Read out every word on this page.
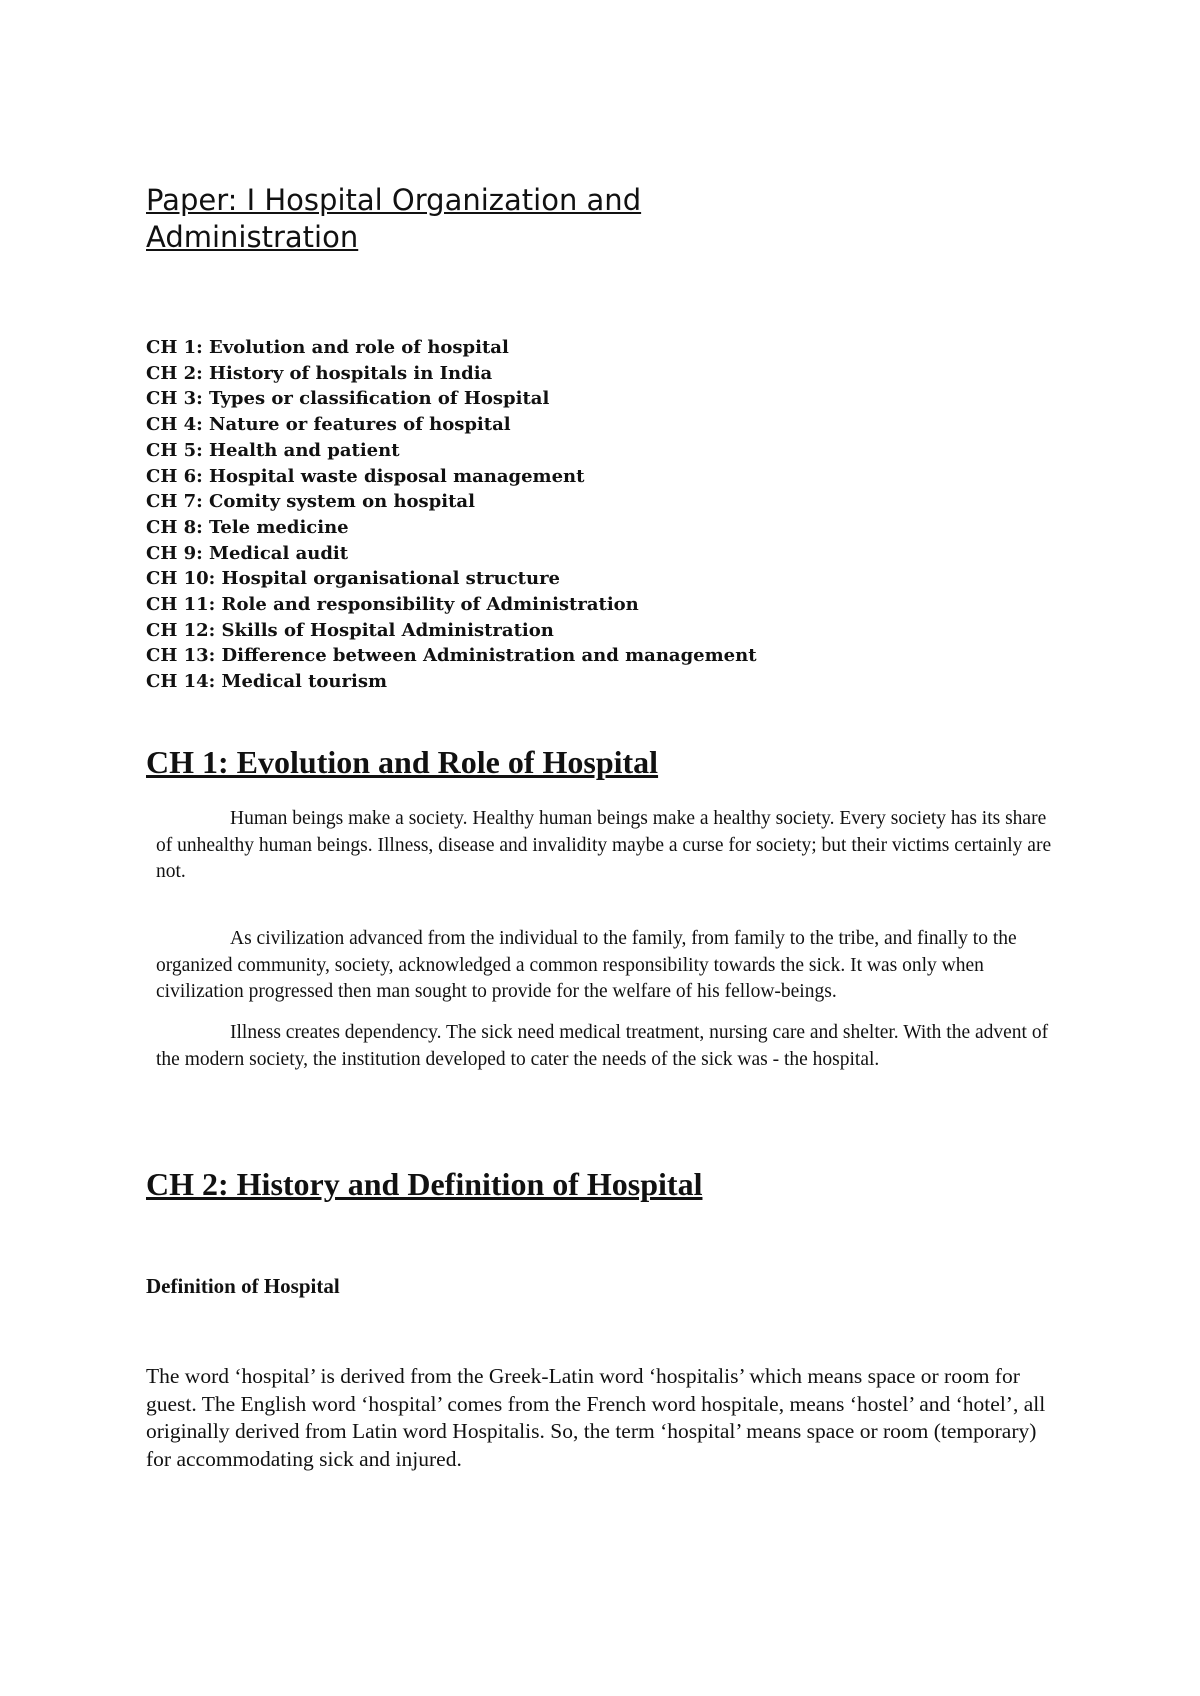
Paper: I Hospital Organization and Administration
CH 1: Evolution and role of hospital
CH 2: History of hospitals in India
CH 3: Types or classification of Hospital
CH 4: Nature or features of hospital
CH 5: Health and patient
CH 6: Hospital waste disposal management
CH 7: Comity system on hospital
CH 8: Tele medicine
CH 9: Medical audit
CH 10: Hospital organisational structure
CH 11: Role and responsibility of Administration
CH 12: Skills of Hospital Administration
CH 13: Difference between Administration and management
CH 14: Medical tourism
CH 1: Evolution and Role of Hospital

Human beings make a society. Healthy human beings make a healthy society. Every society has its share of unhealthy human beings. Illness, disease and invalidity maybe a curse for society; but their victims certainly are not.

As civilization advanced from the individual to the family, from family to the tribe, and finally to the organized community, society, acknowledged a common responsibility towards the sick. It was only when civilization progressed then man sought to provide for the welfare of his fellow-beings.

Illness creates dependency. The sick need medical treatment, nursing care and shelter. With the advent of the modern society, the institution developed to cater the needs of the sick was - the hospital.

CH 2: History and Definition of Hospital
Definition of Hospital

The word ‘hospital’ is derived from the Greek-Latin word ‘hospitalis’ which means space or room for guest. The English word ‘hospital’ comes from the French word hospitale, means ‘hostel’ and ‘hotel’, all originally derived from Latin word Hospitalis. So, the term ‘hospital’ means space or room (temporary) for accommodating sick and injured.
